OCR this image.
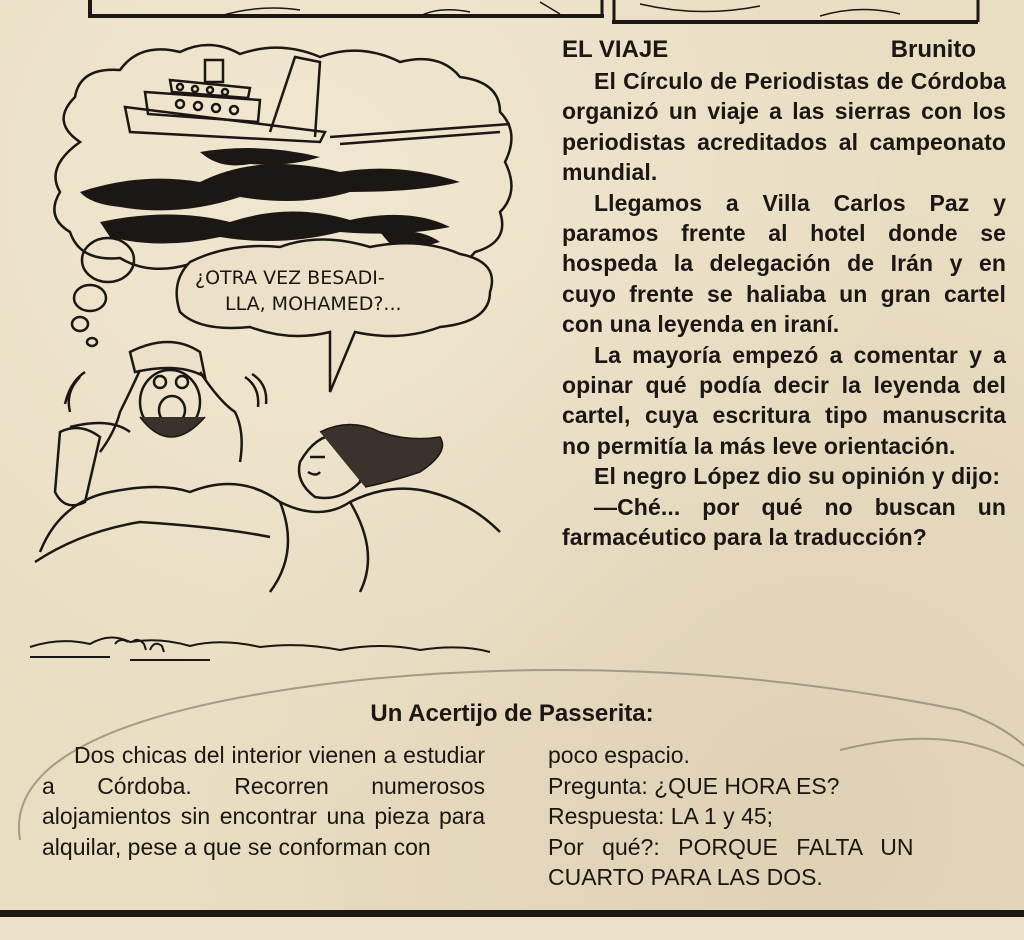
¿OTRA VEZ BESADI-
LLA, MOHAMED?...
EL VIAJE	Brunito

El Círculo de Periodistas de Córdoba organizó un viaje a las sierras con los periodistas acreditados al campeonato mundial.

Llegamos a Villa Carlos Paz y paramos frente al hotel donde se hospeda la delegación de Irán y en cuyo frente se haliaba un gran cartel con una leyenda en iraní.

La mayoría empezó a comentar y a opinar qué podía decir la leyenda del cartel, cuya escritura tipo manuscrita no permitía la más leve orientación.

El negro López dio su opinión y dijo:

—Ché... por qué no buscan un farmacéutico para la traducción?

Un Acertijo de Passerita:

Dos chicas del interior vienen a estudiar a Córdoba. Recorren numerosos alojamientos sin encontrar una pieza para alquilar, pese a que se conforman con

poco espacio.
Pregunta: ¿QUE HORA ES?
Respuesta: LA 1 y 45;
Por qué?: PORQUE FALTA UN
CUARTO PARA LAS DOS.
